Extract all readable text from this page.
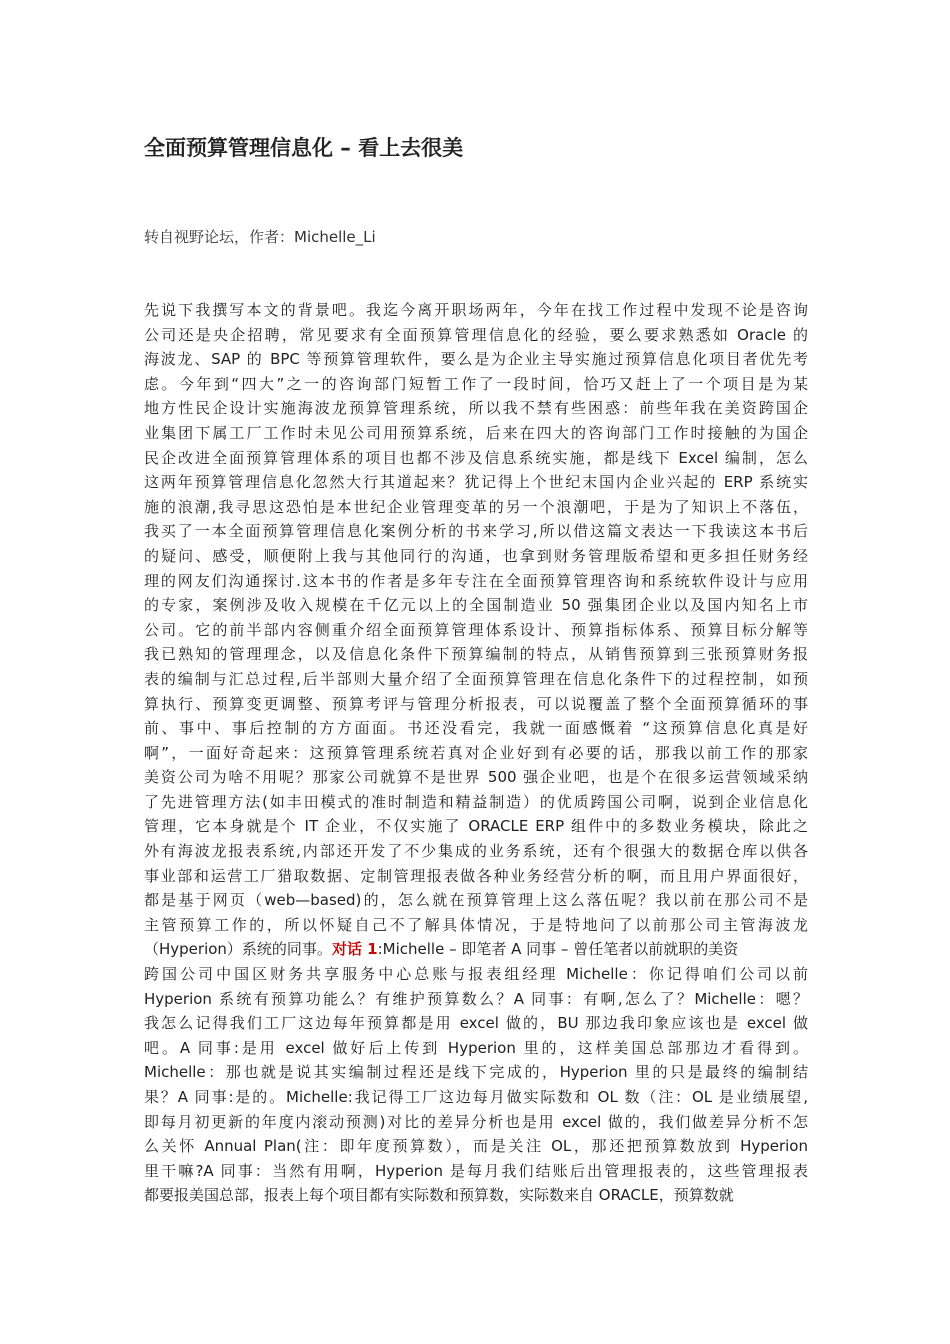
全面预算管理信息化 – 看上去很美

转自视野论坛，作者：Michelle_Li

先说下我撰写本文的背景吧。我迄今离开职场两年，今年在找工作过程中发现不论是咨询
公司还是央企招聘，常见要求有全面预算管理信息化的经验，要么要求熟悉如 Oracle 的
海波龙、SAP 的 BPC 等预算管理软件，要么是为企业主导实施过预算信息化项目者优先考
虑。今年到“四大”之一的咨询部门短暂工作了一段时间，恰巧又赶上了一个项目是为某
地方性民企设计实施海波龙预算管理系统，所以我不禁有些困惑：前些年我在美资跨国企
业集团下属工厂工作时未见公司用预算系统，后来在四大的咨询部门工作时接触的为国企
民企改进全面预算管理体系的项目也都不涉及信息系统实施，都是线下 Excel 编制，怎么
这两年预算管理信息化忽然大行其道起来？犹记得上个世纪末国内企业兴起的 ERP 系统实
施的浪潮,我寻思这恐怕是本世纪企业管理变革的另一个浪潮吧，于是为了知识上不落伍，
我买了一本全面预算管理信息化案例分析的书来学习,所以借这篇文表达一下我读这本书后
的疑问、感受，顺便附上我与其他同行的沟通，也拿到财务管理版希望和更多担任财务经
理的网友们沟通探讨.这本书的作者是多年专注在全面预算管理咨询和系统软件设计与应用
的专家，案例涉及收入规模在千亿元以上的全国制造业 50 强集团企业以及国内知名上市
公司。它的前半部内容侧重介绍全面预算管理体系设计、预算指标体系、预算目标分解等
我已熟知的管理理念，以及信息化条件下预算编制的特点，从销售预算到三张预算财务报
表的编制与汇总过程,后半部则大量介绍了全面预算管理在信息化条件下的过程控制，如预
算执行、预算变更调整、预算考评与管理分析报表，可以说覆盖了整个全面预算循环的事
前、事中、事后控制的方方面面。书还没看完，我就一面感慨着 “这预算信息化真是好
啊”，一面好奇起来：这预算管理系统若真对企业好到有必要的话，那我以前工作的那家
美资公司为啥不用呢？那家公司就算不是世界 500 强企业吧，也是个在很多运营领域采纳
了先进管理方法(如丰田模式的准时制造和精益制造）的优质跨国公司啊，说到企业信息化
管理，它本身就是个 IT 企业，不仅实施了 ORACLE ERP 组件中的多数业务模块，除此之
外有海波龙报表系统,内部还开发了不少集成的业务系统，还有个很强大的数据仓库以供各
事业部和运营工厂猎取数据、定制管理报表做各种业务经营分析的啊，而且用户界面很好，
都是基于网页（web—based)的，怎么就在预算管理上这么落伍呢？我以前在那公司不是
主管预算工作的，所以怀疑自己不了解具体情况，于是特地问了以前那公司主管海波龙
（Hyperion）系统的同事。对话 1:Michelle – 即笔者 A 同事 – 曾任笔者以前就职的美资
跨国公司中国区财务共享服务中心总账与报表组经理 Michelle：你记得咱们公司以前
Hyperion 系统有预算功能么？有维护预算数么？A 同事：有啊,怎么了？Michelle：嗯？
我怎么记得我们工厂这边每年预算都是用 excel 做的，BU 那边我印象应该也是 excel 做
吧。A 同事:是用 excel 做好后上传到 Hyperion 里的，这样美国总部那边才看得到。
Michelle：那也就是说其实编制过程还是线下完成的，Hyperion 里的只是最终的编制结
果？A 同事:是的。Michelle:我记得工厂这边每月做实际数和 OL 数（注：OL 是业绩展望,
即每月初更新的年度内滚动预测)对比的差异分析也是用 excel 做的，我们做差异分析不怎
么关怀 Annual Plan(注：即年度预算数），而是关注 OL，那还把预算数放到 Hyperion
里干嘛?A 同事：当然有用啊，Hyperion 是每月我们结账后出管理报表的，这些管理报表
都要报美国总部，报表上每个项目都有实际数和预算数，实际数来自 ORACLE，预算数就
